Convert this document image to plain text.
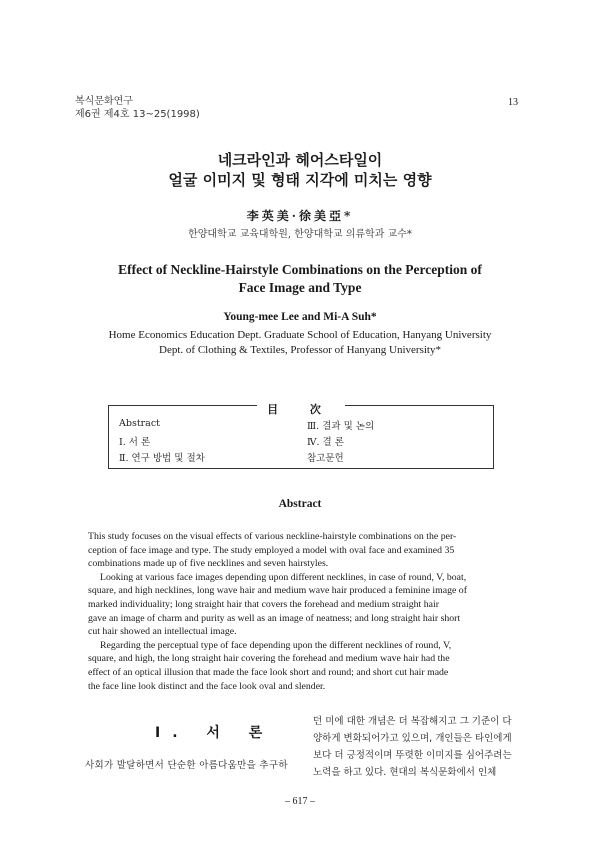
복식문화연구
제6권 제4호 13~25(1998)
13
네크라인과 헤어스타일이
얼굴 이미지 및 형태 지각에 미치는 영향
李英美·徐美亞*
한양대학교 교육대학원, 한양대학교 의류학과 교수*
Effect of Neckline-Hairstyle Combinations on the Perception of
Face Image and Type
Young-mee Lee and Mi-A Suh*
Home Economics Education Dept. Graduate School of Education, Hanyang University
Dept. of Clothing & Textiles, Professor of Hanyang University*
目 次
Abstract
Ⅰ. 서 론
Ⅱ. 연구 방법 및 절차
Ⅲ. 결과 및 논의
Ⅳ. 결 론
참고문헌
Abstract
This study focuses on the visual effects of various neckline-hairstyle combinations on the per-
ception of face image and type. The study employed a model with oval face and examined 35
combinations made up of five necklines and seven hairstyles.
Looking at various face images depending upon different necklines, in case of round, V, boat,
square, and high necklines, long wave hair and medium wave hair produced a feminine image of
marked individuality; long straight hair that covers the forehead and medium straight hair
gave an image of charm and purity as well as an image of neatness; and long straight hair short
cut hair showed an intellectual image.
Regarding the perceptual type of face depending upon the different necklines of round, V,
square, and high, the long straight hair covering the forehead and medium wave hair had the
effect of an optical illusion that made the face look short and round; and short cut hair made
the face line look distinct and the face look oval and slender.
Ⅰ. 서 론
사회가 발달하면서 단순한 아름다움만을 추구하
던 미에 대한 개념은 더 복잡해지고 그 기준이 다
양하게 변화되어가고 있으며, 개인들은 타인에게
보다 더 긍정적이며 뚜렷한 이미지를 심어주려는
노력을 하고 있다. 현대의 복식문화에서 인체
– 617 –
